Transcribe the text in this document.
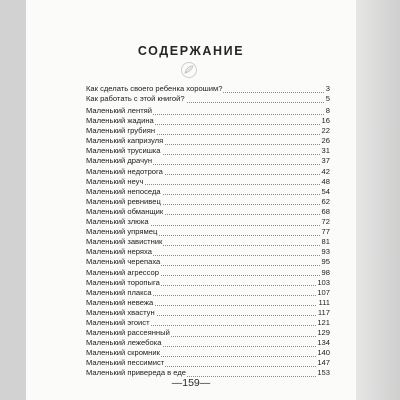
СОДЕРЖАНИЕ
Как сделать своего ребенка хорошим?	3
Как работать с этой книгой?	5
Маленький лентяй	8
Маленький жадина	16
Маленький грубиян	22
Маленький капризуля	26
Маленький трусишка	31
Маленький драчун	37
Маленький недотрога	42
Маленький неуч	48
Маленький непоседа	54
Маленький ревнивец	62
Маленький обманщик	68
Маленький злюка	72
Маленький упрямец	77
Маленький завистник	81
Маленький неряха	93
Маленький черепаха	95
Маленький агрессор	98
Маленький торопыга	103
Маленький плакса	107
Маленький невежа	111
Маленький хвастун	117
Маленький эгоист	121
Маленький рассеянный	129
Маленький лежебока	134
Маленький скромник	140
Маленький пессимист	147
Маленький привереда в еде	153
—159—
